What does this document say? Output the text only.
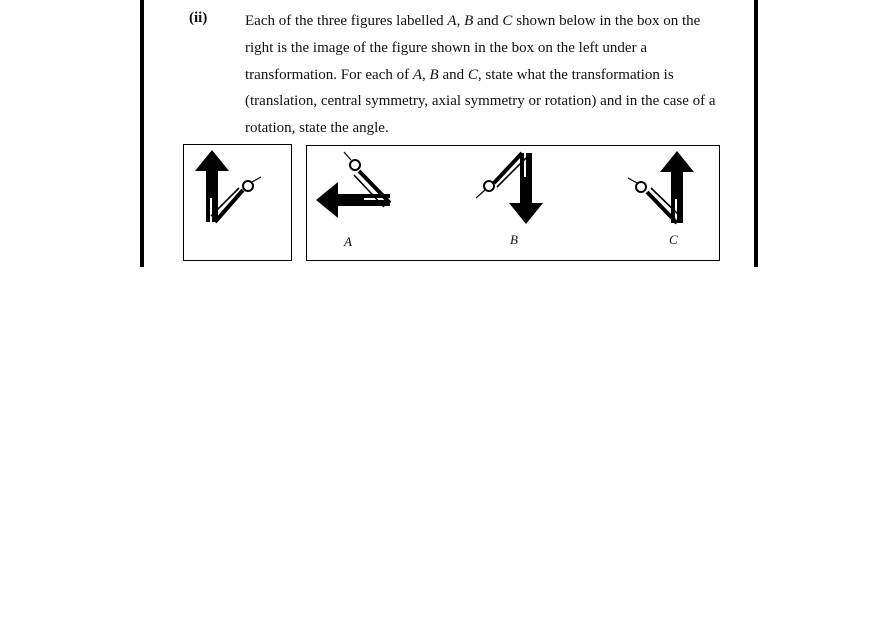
(ii)	Each of the three figures labelled A, B and C shown below in the box on the

right is the image of the figure shown in the box on the left under a

transformation. For each of A, B and C, state what the transformation is

(translation, central symmetry, axial symmetry or rotation) and in the case of a

rotation, state the angle.

A	B	C
